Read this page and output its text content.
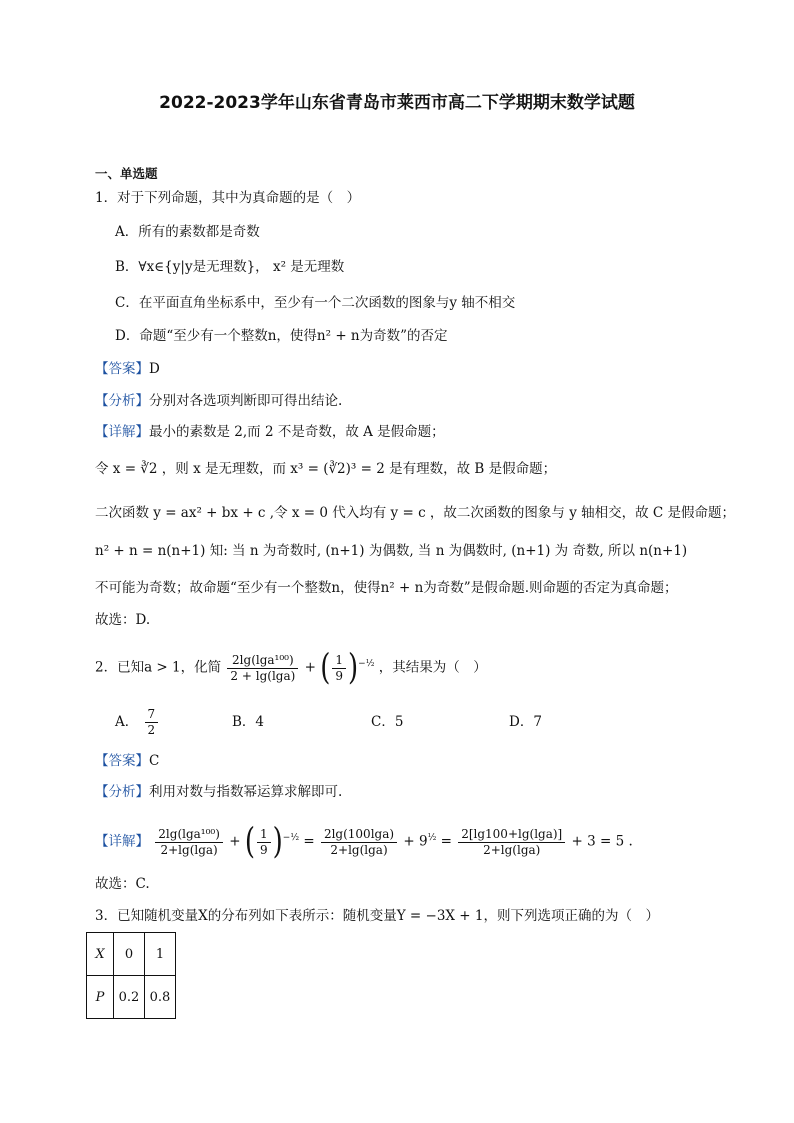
2022-2023学年山东省青岛市莱西市高二下学期期末数学试题
一、单选题
1．对于下列命题，其中为真命题的是（　）
A．所有的素数都是奇数
B．∀x∈{y|y是无理数}， x² 是无理数
C．在平面直角坐标系中，至少有一个二次函数的图象与y 轴不相交
D．命题“至少有一个整数n，使得n² + n为奇数”的否定
【答案】D
【分析】分别对各选项判断即可得出结论.
【详解】最小的素数是 2,而 2 不是奇数，故 A 是假命题；
令 x = ∛2 ，则 x 是无理数，而 x³ = (∛2)³ = 2 是有理数，故 B 是假命题；
二次函数 y = ax² + bx + c ,令 x = 0 代入均有 y = c ，故二次函数的图象与 y 轴相交，故 C 是假命题；
n² + n = n(n+1) 知: 当 n 为奇数时, (n+1) 为偶数, 当 n 为偶数时, (n+1) 为 奇数, 所以 n(n+1)
不可能为奇数；故命题“至少有一个整数n，使得n² + n为奇数”是假命题.则命题的否定为真命题；
故选：D.
2．已知a > 1，化简 $\frac{\text{2lg(lga¹⁰⁰)}}{2 + \lg(\lg a)}$ + ( $\frac{1}{9} )^{-\frac{1}{2}}$ ，其结果为（　）
A． $\frac{7}{2}$	B．4	C．5	D．7
【答案】C
【分析】利用对数与指数幂运算求解即可.
【详解】 $\frac{\text{2lg(lga¹⁰⁰)}}{2+\lg(\lg a)}$ + ( $\frac{1}{9} )^{-\frac{1}{2}} = \frac{2\lg(100\lg a)}{2+\lg(\lg a)} + 9^{\frac{1}{2}} = \frac{2[\lg 100+\lg(\lg a)]}{2+\lg(\lg a)} + 3 = 5$ .
故选：C.
3．已知随机变量X的分布列如下表所示：随机变量Y = −3X + 1，则下列选项正确的为（　）
X	0	1
P	0.2	0.8
